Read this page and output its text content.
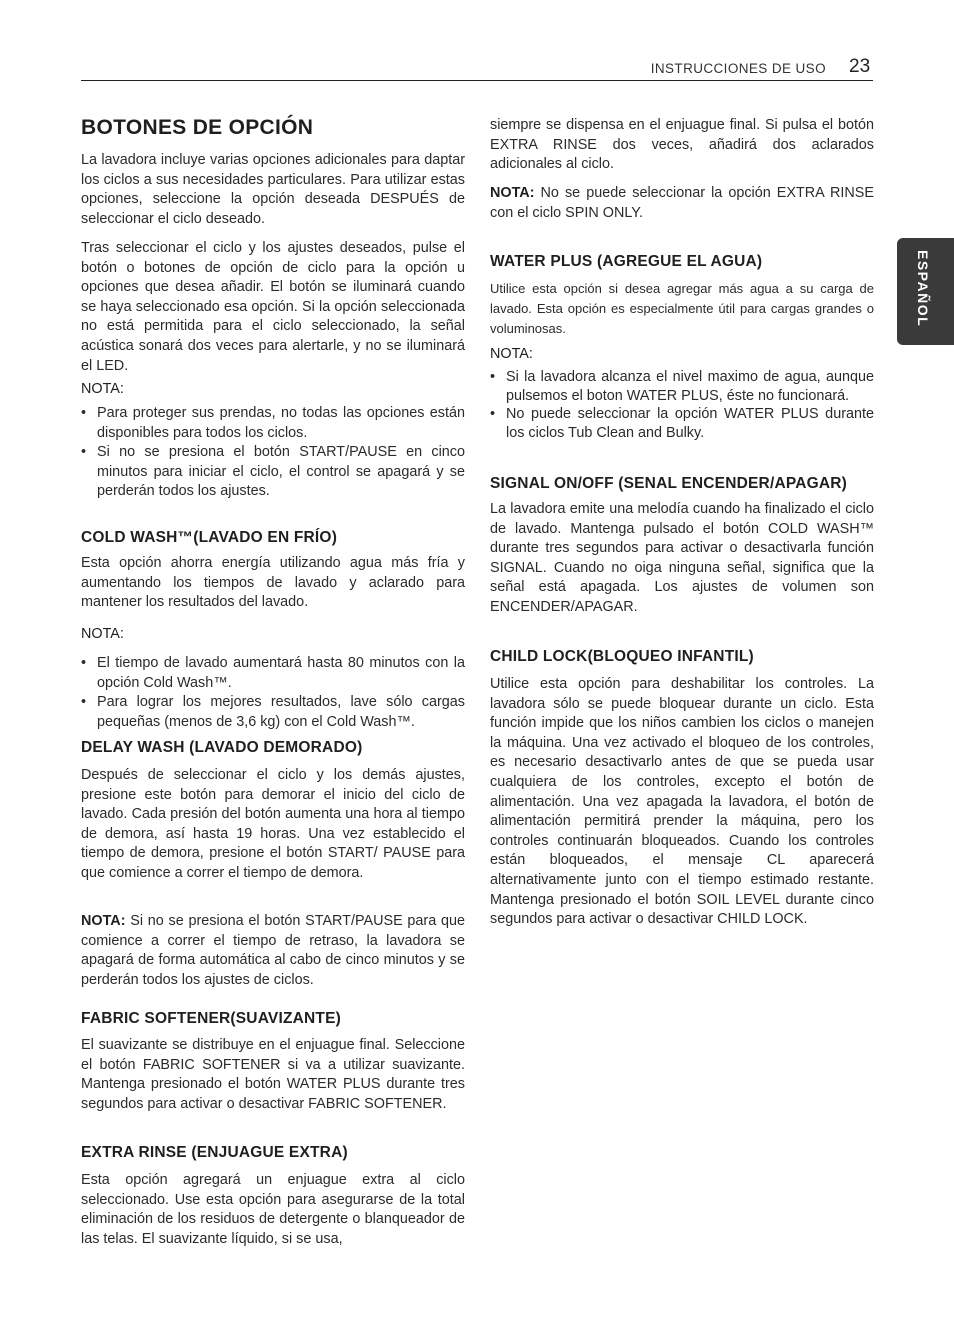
INSTRUCCIONES DE USO 23
ESPAÑOL
BOTONES DE OPCIÓN

La lavadora incluye varias opciones adicionales para daptar los ciclos a sus necesidades particulares. Para utilizar estas opciones, seleccione la opción deseada DESPUÉS de seleccionar el ciclo deseado.

Tras seleccionar el ciclo y los ajustes deseados, pulse el botón o botones de opción de ciclo para la opción u opciones que desea añadir. El botón se iluminará cuando se haya seleccionado esa opción. Si la opción seleccionada no está permitida para el ciclo seleccionado, la señal acústica sonará dos veces para alertarle, y no se iluminará el LED.

NOTA:

• Para proteger sus prendas, no todas las opciones están disponibles para todos los ciclos.
• Si no se presiona el botón START/PAUSE en cinco minutos para iniciar el ciclo, el control se apagará y se perderán todos los ajustes.
COLD WASH™(LAVADO EN FRÍO)

Esta opción ahorra energía utilizando agua más fría y aumentando los tiempos de lavado y aclarado para mantener los resultados del lavado.

NOTA:

• El tiempo de lavado aumentará hasta 80 minutos con la opción Cold Wash™.
• Para lograr los mejores resultados, lave sólo cargas pequeñas (menos de 3,6 kg) con el Cold Wash™.
DELAY WASH (LAVADO DEMORADO)

Después de seleccionar el ciclo y los demás ajustes, presione este botón para demorar el inicio del ciclo de lavado. Cada presión del botón aumenta una hora al tiempo de demora, así hasta 19 horas. Una vez establecido el tiempo de demora, presione el botón START/ PAUSE para que comience a correr el tiempo de demora.

NOTA: Si no se presiona el botón START/PAUSE para que comience a correr el tiempo de retraso, la lavadora se apagará de forma automática al cabo de cinco minutos y se perderán todos los ajustes de ciclos.

FABRIC SOFTENER(SUAVIZANTE)

El suavizante se distribuye en el enjuague final. Seleccione el botón FABRIC SOFTENER si va a utilizar suavizante. Mantenga presionado el botón WATER PLUS durante tres segundos para activar o desactivar FABRIC SOFTENER.

EXTRA RINSE (ENJUAGUE EXTRA)

Esta opción agregará un enjuague extra al ciclo seleccionado. Use esta opción para asegurarse de la total eliminación de los residuos de detergente o blanqueador de las telas. El suavizante líquido, si se usa,

siempre se dispensa en el enjuague final. Si pulsa el botón EXTRA RINSE dos veces, añadirá dos aclarados adicionales al ciclo.

NOTA: No se puede seleccionar la opción EXTRA RINSE con el ciclo SPIN ONLY.

WATER PLUS (AGREGUE EL AGUA)

Utilice esta opción si desea agregar más agua a su carga de lavado. Esta opción es especialmente útil para cargas grandes o voluminosas.

NOTA:

• Si la lavadora alcanza el nivel maximo de agua, aunque pulsemos el boton WATER PLUS, éste no funcionará.
• No puede seleccionar la opción WATER PLUS durante los ciclos Tub Clean and Bulky.
SIGNAL ON/OFF (SENAL ENCENDER/APAGAR)

La lavadora emite una melodía cuando ha finalizado el ciclo de lavado. Mantenga pulsado el botón COLD WASH™ durante tres segundos para activar o desactivarla función SIGNAL. Cuando no oiga ninguna señal, significa que la señal está apagada. Los ajustes de volumen son ENCENDER/APAGAR.

CHILD LOCK(BLOQUEO INFANTIL)

Utilice esta opción para deshabilitar los controles. La lavadora sólo se puede bloquear durante un ciclo. Esta función impide que los niños cambien los ciclos o manejen la máquina. Una vez activado el bloqueo de los controles, es necesario desactivarlo antes de que se pueda usar cualquiera de los controles, excepto el botón de alimentación. Una vez apagada la lavadora, el botón de alimentación permitirá prender la máquina, pero los controles continuarán bloqueados. Cuando los controles están bloqueados, el mensaje CL aparecerá alternativamente junto con el tiempo estimado restante. Mantenga presionado el botón SOIL LEVEL durante cinco segundos para activar o desactivar CHILD LOCK.
